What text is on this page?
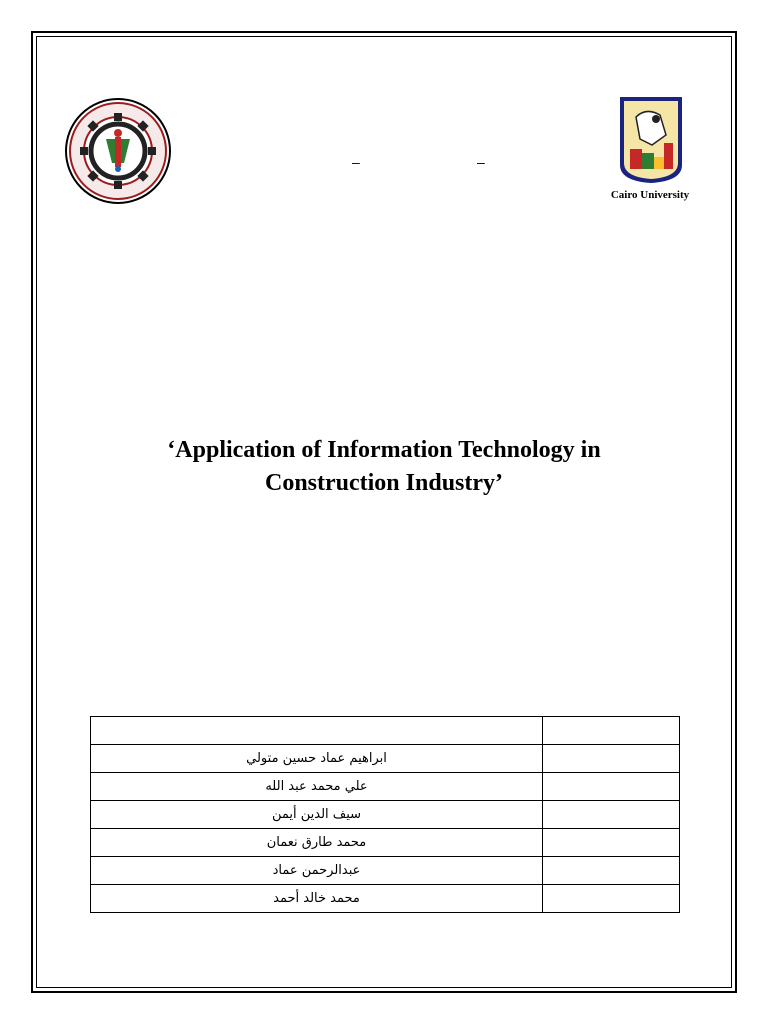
–	–
Cairo University
‘Application of Information Technology in
Construction Industry’

ابراهيم عماد حسين متولي	
علي محمد عبد الله	
سيف الدين أيمن	
محمد طارق نعمان	
عبدالرحمن عماد	
محمد خالد أحمد	
